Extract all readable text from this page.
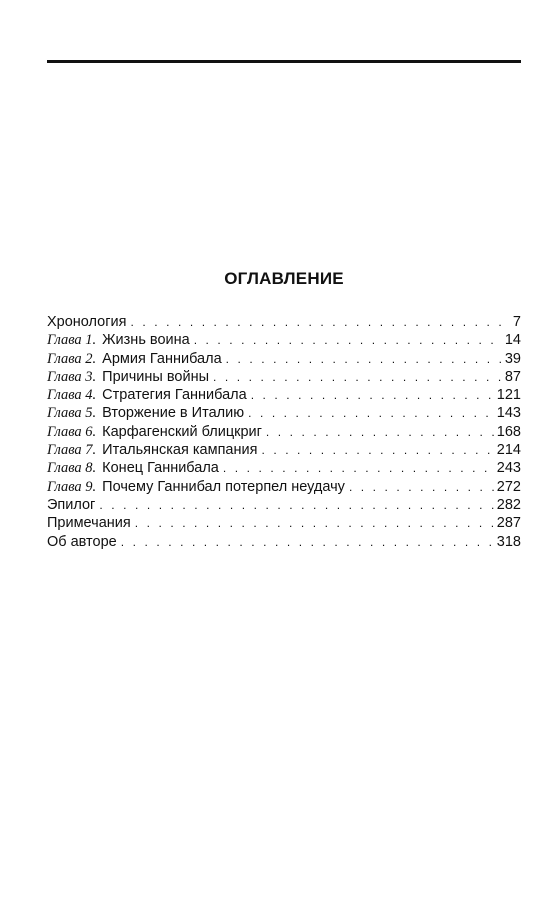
ОГЛАВЛЕНИЕ
Хронология . . .	7
Глава 1. Жизнь воина . . .	14
Глава 2. Армия Ганнибала . . .	39
Глава 3. Причины войны . . .	87
Глава 4. Стратегия Ганнибала . . .	121
Глава 5. Вторжение в Италию . . .	143
Глава 6. Карфагенский блицкриг . . .	168
Глава 7. Итальянская кампания . . .	214
Глава 8. Конец Ганнибала . . .	243
Глава 9. Почему Ганнибал потерпел неудачу . . .	272
Эпилог . . .	282
Примечания . . .	287
Об авторе . . .	318
